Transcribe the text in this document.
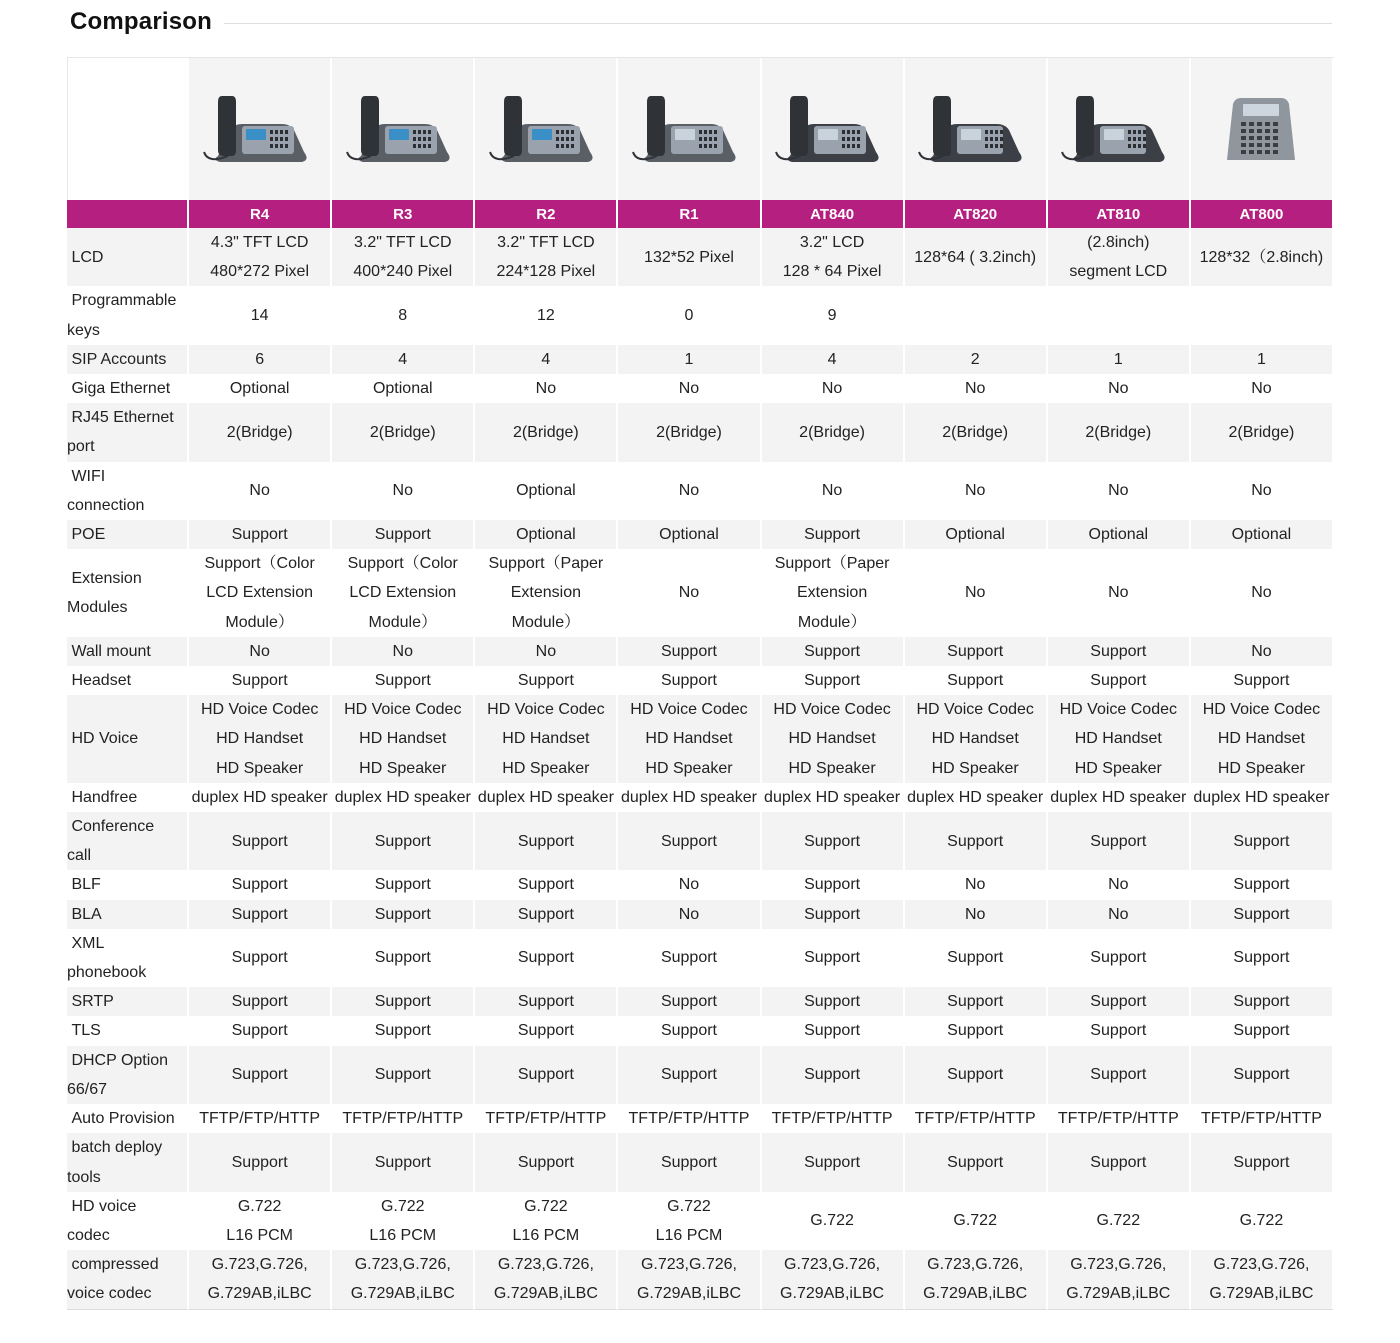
Comparison

	R4	R3	R2	R1	AT840	AT820	AT810	AT800

LCD	4.3" TFT LCD
480*272 Pixel	3.2" TFT LCD
400*240 Pixel	3.2" TFT LCD
224*128 Pixel	132*52 Pixel	3.2" LCD
128 * 64 Pixel	128*64 ( 3.2inch)	(2.8inch)
segment LCD	128*32（2.8inch)

Programmable
keys	14	8	12	0	9			

SIP Accounts	6	4	4	1	4	2	1	1

Giga Ethernet	Optional	Optional	No	No	No	No	No	No

RJ45 Ethernet
port	2(Bridge)	2(Bridge)	2(Bridge)	2(Bridge)	2(Bridge)	2(Bridge)	2(Bridge)	2(Bridge)

WIFI
connection	No	No	Optional	No	No	No	No	No

POE	Support	Support	Optional	Optional	Support	Optional	Optional	Optional

Extension
Modules	Support（Color
LCD Extension
Module）	Support（Color
LCD Extension
Module）	Support（Paper
Extension
Module）	No	Support（Paper
Extension
Module）	No	No	No

Wall mount	No	No	No	Support	Support	Support	Support	No

Headset	Support	Support	Support	Support	Support	Support	Support	Support

HD Voice	HD Voice Codec
HD Handset
HD Speaker	HD Voice Codec
HD Handset
HD Speaker	HD Voice Codec
HD Handset
HD Speaker	HD Voice Codec
HD Handset
HD Speaker	HD Voice Codec
HD Handset
HD Speaker	HD Voice Codec
HD Handset
HD Speaker	HD Voice Codec
HD Handset
HD Speaker	HD Voice Codec
HD Handset
HD Speaker

Handfree	duplex HD speaker	duplex HD speaker	duplex HD speaker	duplex HD speaker	duplex HD speaker	duplex HD speaker	duplex HD speaker	duplex HD speaker

Conference
call	Support	Support	Support	Support	Support	Support	Support	Support

BLF	Support	Support	Support	No	Support	No	No	Support

BLA	Support	Support	Support	No	Support	No	No	Support

XML
phonebook	Support	Support	Support	Support	Support	Support	Support	Support

SRTP	Support	Support	Support	Support	Support	Support	Support	Support

TLS	Support	Support	Support	Support	Support	Support	Support	Support

DHCP Option
66/67	Support	Support	Support	Support	Support	Support	Support	Support

Auto Provision	TFTP/FTP/HTTP	TFTP/FTP/HTTP	TFTP/FTP/HTTP	TFTP/FTP/HTTP	TFTP/FTP/HTTP	TFTP/FTP/HTTP	TFTP/FTP/HTTP	TFTP/FTP/HTTP

batch deploy
tools	Support	Support	Support	Support	Support	Support	Support	Support

HD voice
codec	G.722
L16 PCM	G.722
L16 PCM	G.722
L16 PCM	G.722
L16 PCM	G.722	G.722	G.722	G.722

compressed
voice codec	G.723,G.726,
G.729AB,iLBC	G.723,G.726,
G.729AB,iLBC	G.723,G.726,
G.729AB,iLBC	G.723,G.726,
G.729AB,iLBC	G.723,G.726,
G.729AB,iLBC	G.723,G.726,
G.729AB,iLBC	G.723,G.726,
G.729AB,iLBC	G.723,G.726,
G.729AB,iLBC
